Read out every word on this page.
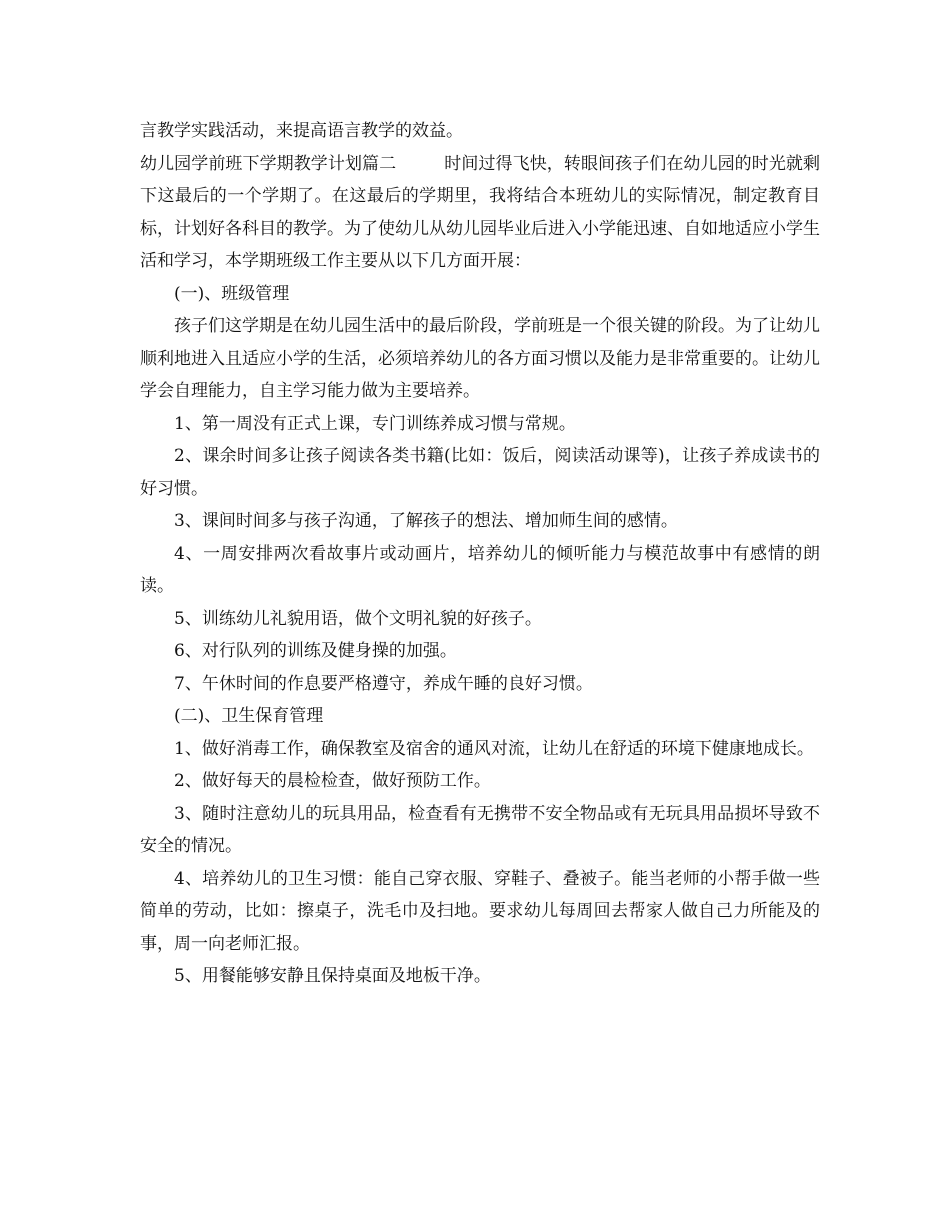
言教学实践活动，来提高语言教学的效益。

幼儿园学前班下学期教学计划篇二	时间过得飞快，转眼间孩子们在幼儿园的时光就剩下这最后的一个学期了。在这最后的学期里，我将结合本班幼儿的实际情况，制定教育目标，计划好各科目的教学。为了使幼儿从幼儿园毕业后进入小学能迅速、自如地适应小学生活和学习，本学期班级工作主要从以下几方面开展：

(一)、班级管理

孩子们这学期是在幼儿园生活中的最后阶段，学前班是一个很关键的阶段。为了让幼儿顺利地进入且适应小学的生活，必须培养幼儿的各方面习惯以及能力是非常重要的。让幼儿学会自理能力，自主学习能力做为主要培养。

1、第一周没有正式上课，专门训练养成习惯与常规。

2、课余时间多让孩子阅读各类书籍(比如：饭后，阅读活动课等)，让孩子养成读书的好习惯。

3、课间时间多与孩子沟通，了解孩子的想法、增加师生间的感情。

4、一周安排两次看故事片或动画片，培养幼儿的倾听能力与模范故事中有感情的朗读。

5、训练幼儿礼貌用语，做个文明礼貌的好孩子。

6、对行队列的训练及健身操的加强。

7、午休时间的作息要严格遵守，养成午睡的良好习惯。

(二)、卫生保育管理

1、做好消毒工作，确保教室及宿舍的通风对流，让幼儿在舒适的环境下健康地成长。

2、做好每天的晨检检查，做好预防工作。

3、随时注意幼儿的玩具用品，检查看有无携带不安全物品或有无玩具用品损坏导致不安全的情况。

4、培养幼儿的卫生习惯：能自己穿衣服、穿鞋子、叠被子。能当老师的小帮手做一些简单的劳动，比如：擦桌子，洗毛巾及扫地。要求幼儿每周回去帮家人做自己力所能及的事，周一向老师汇报。

5、用餐能够安静且保持桌面及地板干净。
